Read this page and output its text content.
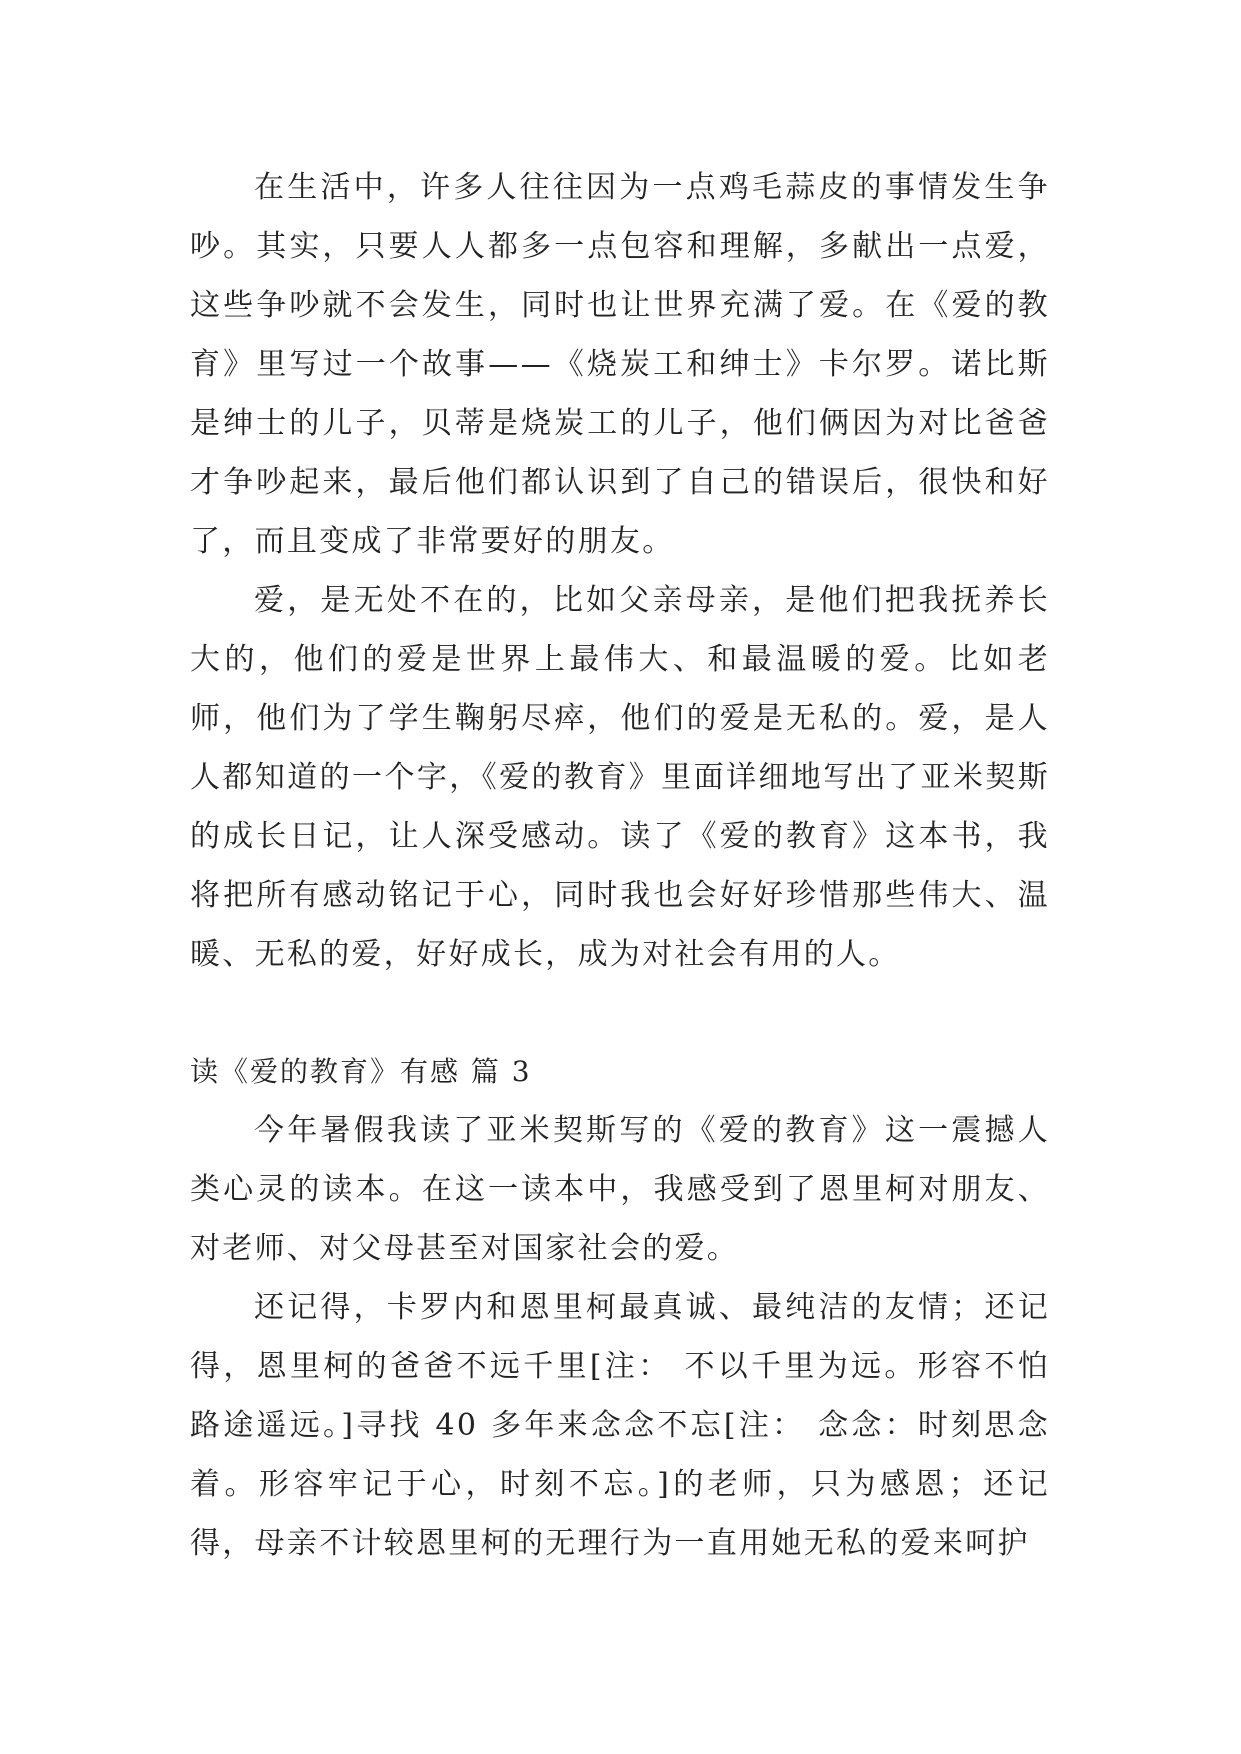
在生活中，许多人往往因为一点鸡毛蒜皮的事情发生争吵。其实，只要人人都多一点包容和理解，多献出一点爱，这些争吵就不会发生，同时也让世界充满了爱。在《爱的教育》里写过一个故事——《烧炭工和绅士》卡尔罗。诺比斯是绅士的儿子，贝蒂是烧炭工的儿子，他们俩因为对比爸爸才争吵起来，最后他们都认识到了自己的错误后，很快和好了，而且变成了非常要好的朋友。

爱，是无处不在的，比如父亲母亲，是他们把我抚养长大的，他们的爱是世界上最伟大、和最温暖的爱。比如老师，他们为了学生鞠躬尽瘁，他们的爱是无私的。爱，是人人都知道的一个字，《爱的教育》里面详细地写出了亚米契斯的成长日记，让人深受感动。读了《爱的教育》这本书，我将把所有感动铭记于心，同时我也会好好珍惜那些伟大、温暖、无私的爱，好好成长，成为对社会有用的人。

读《爱的教育》有感 篇 3

今年暑假我读了亚米契斯写的《爱的教育》这一震撼人类心灵的读本。在这一读本中，我感受到了恩里柯对朋友、对老师、对父母甚至对国家社会的爱。

还记得，卡罗内和恩里柯最真诚、最纯洁的友情；还记得，恩里柯的爸爸不远千里[注： 不以千里为远。形容不怕路途遥远。]寻找 40 多年来念念不忘[注： 念念：时刻思念着。形容牢记于心，时刻不忘。]的老师，只为感恩；还记得，母亲不计较恩里柯的无理行为一直用她无私的爱来呵护
